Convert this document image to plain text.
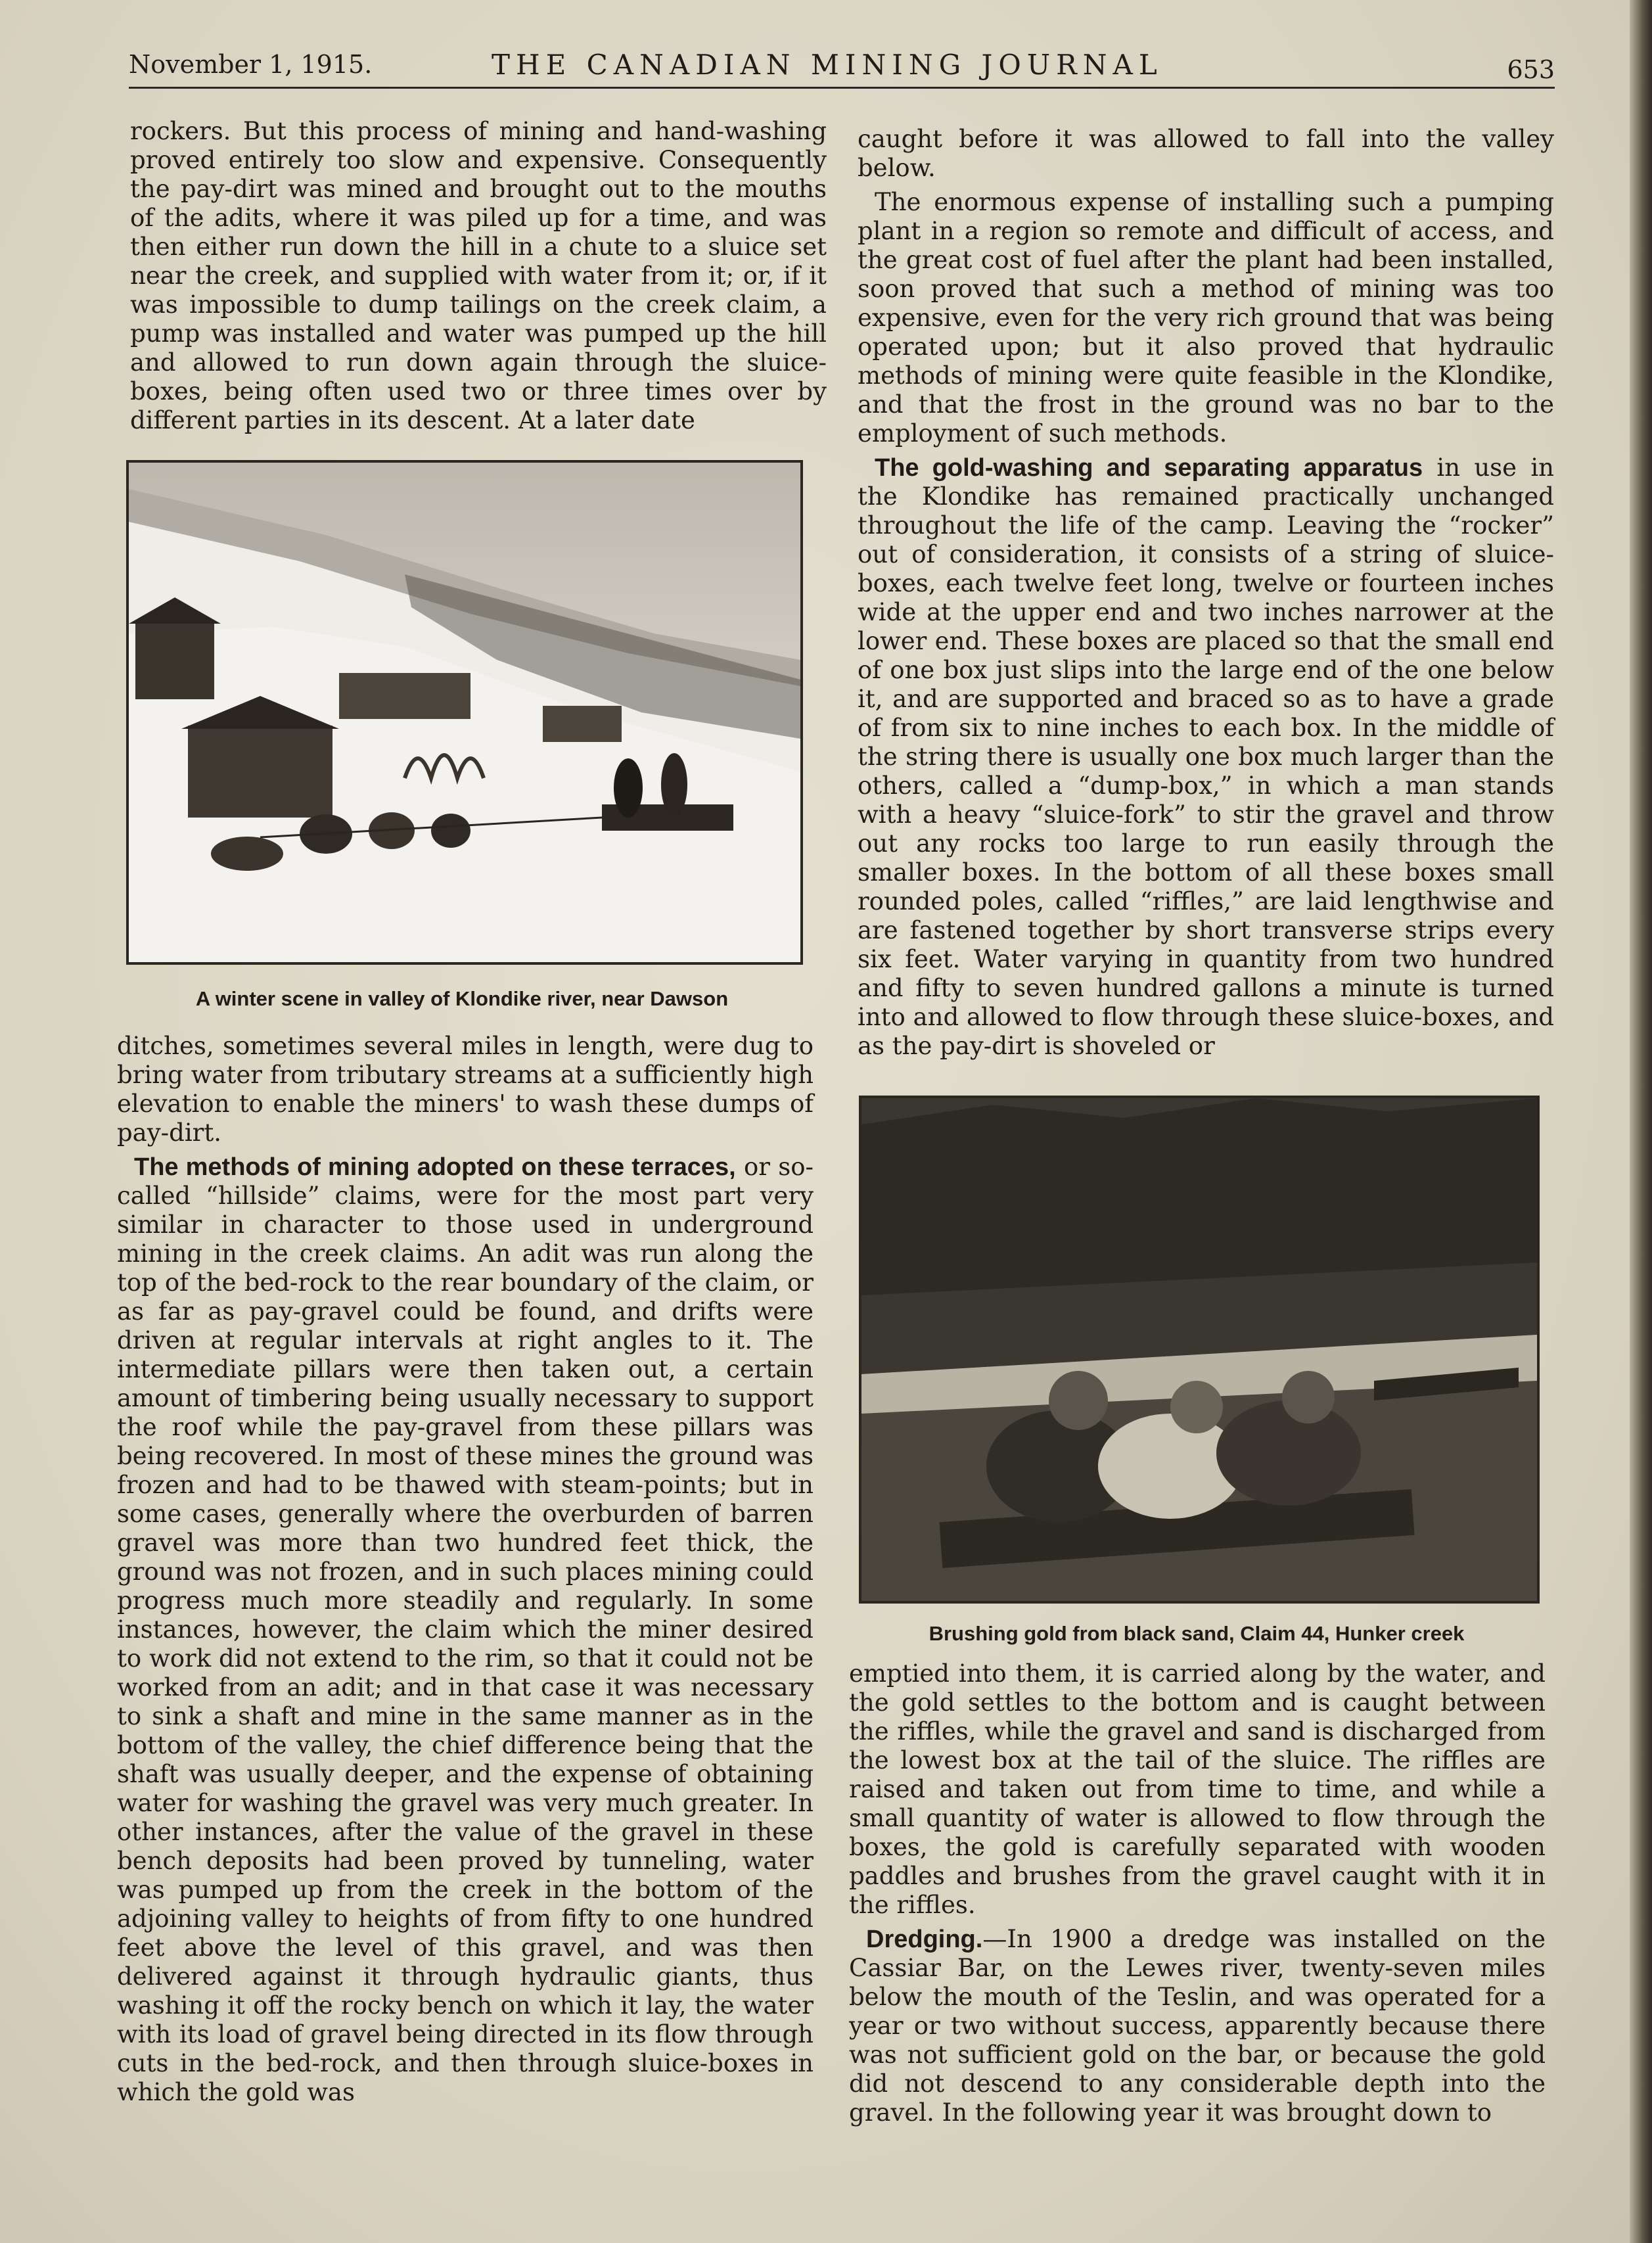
November 1, 1915.	THE CANADIAN MINING JOURNAL	653

rockers. But this process of mining and hand-washing proved entirely too slow and expensive. Consequently the pay-dirt was mined and brought out to the mouths of the adits, where it was piled up for a time, and was then either run down the hill in a chute to a sluice set near the creek, and supplied with water from it; or, if it was impossible to dump tailings on the creek claim, a pump was installed and water was pumped up the hill and allowed to run down again through the sluice-boxes, being often used two or three times over by different parties in its descent. At a later date

A winter scene in valley of Klondike river, near Dawson

ditches, sometimes several miles in length, were dug to bring water from tributary streams at a sufficiently high elevation to enable the miners' to wash these dumps of pay-dirt.

The methods of mining adopted on these terraces, or so-called “hillside” claims, were for the most part very similar in character to those used in underground mining in the creek claims. An adit was run along the top of the bed-rock to the rear boundary of the claim, or as far as pay-gravel could be found, and drifts were driven at regular intervals at right angles to it. The intermediate pillars were then taken out, a certain amount of timbering being usually necessary to support the roof while the pay-gravel from these pillars was being recovered. In most of these mines the ground was frozen and had to be thawed with steam-points; but in some cases, generally where the overburden of barren gravel was more than two hundred feet thick, the ground was not frozen, and in such places mining could progress much more steadily and regularly. In some instances, however, the claim which the miner desired to work did not extend to the rim, so that it could not be worked from an adit; and in that case it was necessary to sink a shaft and mine in the same manner as in the bottom of the valley, the chief difference being that the shaft was usually deeper, and the expense of obtaining water for washing the gravel was very much greater. In other instances, after the value of the gravel in these bench deposits had been proved by tunneling, water was pumped up from the creek in the bottom of the adjoining valley to heights of from fifty to one hundred feet above the level of this gravel, and was then delivered against it through hydraulic giants, thus washing it off the rocky bench on which it lay, the water with its load of gravel being directed in its flow through cuts in the bed-rock, and then through sluice-boxes in which the gold was

caught before it was allowed to fall into the valley below.

The enormous expense of installing such a pumping plant in a region so remote and difficult of access, and the great cost of fuel after the plant had been installed, soon proved that such a method of mining was too expensive, even for the very rich ground that was being operated upon; but it also proved that hydraulic methods of mining were quite feasible in the Klondike, and that the frost in the ground was no bar to the employment of such methods.

The gold-washing and separating apparatus in use in the Klondike has remained practically unchanged throughout the life of the camp. Leaving the “rocker” out of consideration, it consists of a string of sluice-boxes, each twelve feet long, twelve or fourteen inches wide at the upper end and two inches narrower at the lower end. These boxes are placed so that the small end of one box just slips into the large end of the one below it, and are supported and braced so as to have a grade of from six to nine inches to each box. In the middle of the string there is usually one box much larger than the others, called a “dump-box,” in which a man stands with a heavy “sluice-fork” to stir the gravel and throw out any rocks too large to run easily through the smaller boxes. In the bottom of all these boxes small rounded poles, called “riffles,” are laid lengthwise and are fastened together by short transverse strips every six feet. Water varying in quantity from two hundred and fifty to seven hundred gallons a minute is turned into and allowed to flow through these sluice-boxes, and as the pay-dirt is shoveled or

Brushing gold from black sand, Claim 44, Hunker creek

emptied into them, it is carried along by the water, and the gold settles to the bottom and is caught between the riffles, while the gravel and sand is discharged from the lowest box at the tail of the sluice. The riffles are raised and taken out from time to time, and while a small quantity of water is allowed to flow through the boxes, the gold is carefully separated with wooden paddles and brushes from the gravel caught with it in the riffles.

Dredging.—In 1900 a dredge was installed on the Cassiar Bar, on the Lewes river, twenty-seven miles below the mouth of the Teslin, and was operated for a year or two without success, apparently because there was not sufficient gold on the bar, or because the gold did not descend to any considerable depth into the gravel. In the following year it was brought down to
